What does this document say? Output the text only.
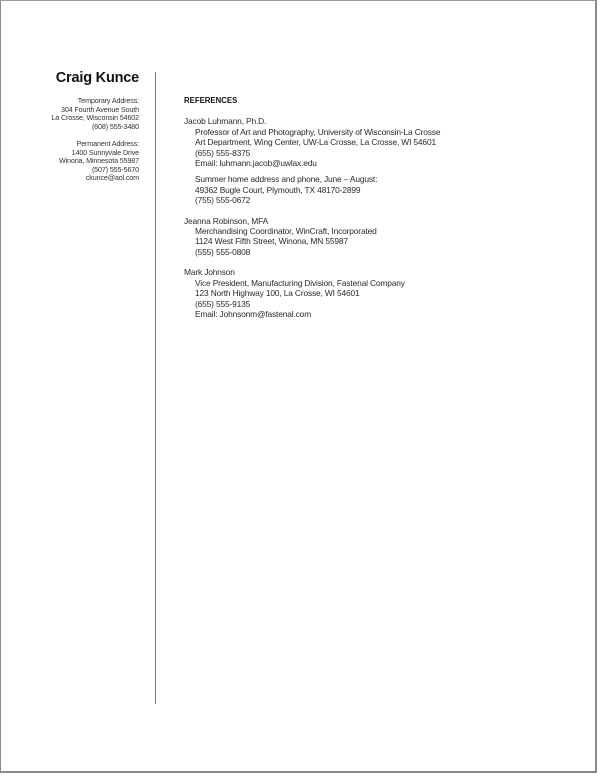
Craig Kunce
Temporary Address:
304 Fourth Avenue South
La Crosse, Wisconsin 54602
(608) 555-3480
Permanent Address:
1400 Sunnyvale Drive
Winona, Minnesota 55987
(507) 555-5670
ckunce@aol.com
REFERENCES
Jacob Luhmann, Ph.D.
Professor of Art and Photography, University of Wisconsin-La Crosse
Art Department, Wing Center, UW-La Crosse, La Crosse, WI 54601
(655) 555-8375
Email: luhmann.jacob@uwlax.edu
Summer home address and phone, June – August:
49362 Bugle Court, Plymouth, TX 48170-2899
(755) 555-0672
Jeanna Robinson, MFA
Merchandising Coordinator, WinCraft, Incorporated
1124 West Fifth Street, Winona, MN 55987
(555) 555-0808
Mark Johnson
Vice President, Manufacturing Division, Fastenal Company
123 North Highway 100, La Crosse, WI 54601
(655) 555-9135
Email: Johnsonm@fastenal.com
